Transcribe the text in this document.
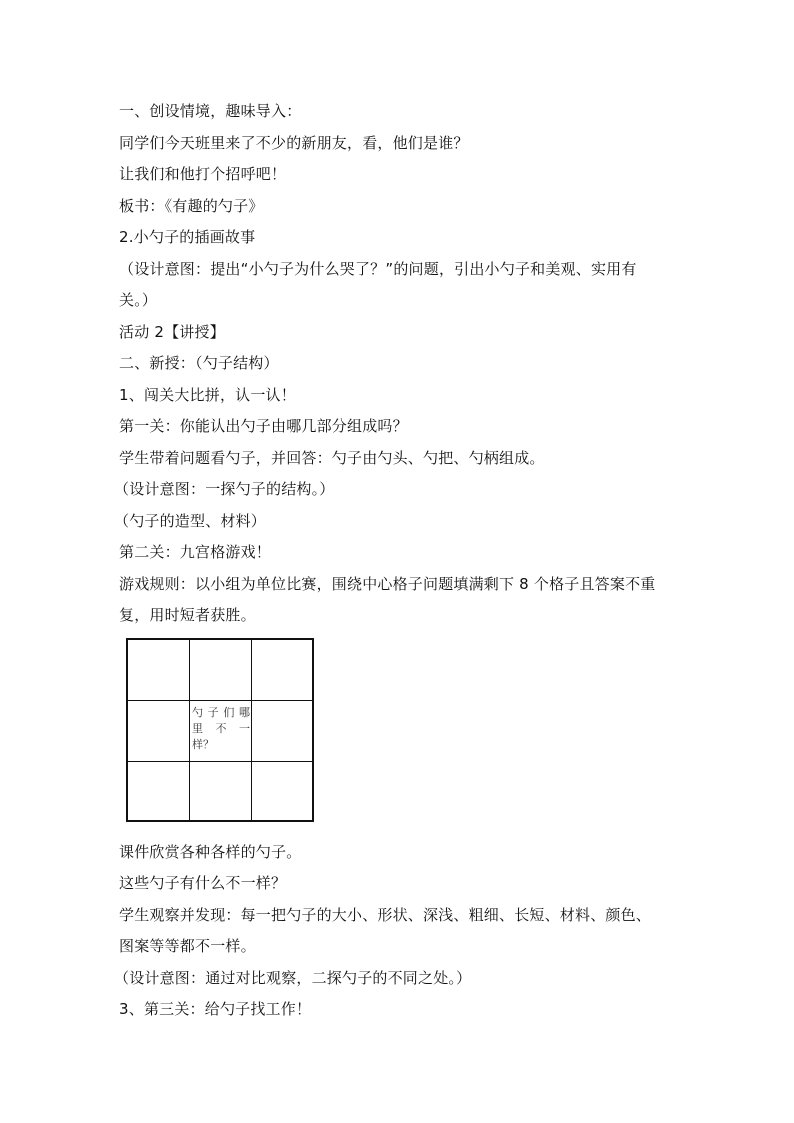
一、创设情境，趣味导入：
同学们今天班里来了不少的新朋友，看，他们是谁？
让我们和他打个招呼吧！
板书：《有趣的勺子》
2.小勺子的插画故事
（设计意图：提出“小勺子为什么哭了？”的问题，引出小勺子和美观、实用有
关。）
活动 2【讲授】
二、新授：（勺子结构）
1、闯关大比拼，认一认！
第一关：你能认出勺子由哪几部分组成吗？
学生带着问题看勺子，并回答：勺子由勺头、勺把、勺柄组成。
（设计意图：一探勺子的结构。）
（勺子的造型、材料）
第二关：九宫格游戏！
游戏规则：以小组为单位比赛，围绕中心格子问题填满剩下 8 个格子且答案不重
复，用时短者获胜。
勺子们哪
里 不 一
样？
课件欣赏各种各样的勺子。
这些勺子有什么不一样？
学生观察并发现：每一把勺子的大小、形状、深浅、粗细、长短、材料、颜色、
图案等等都不一样。
（设计意图：通过对比观察，二探勺子的不同之处。）
3、第三关：给勺子找工作！
